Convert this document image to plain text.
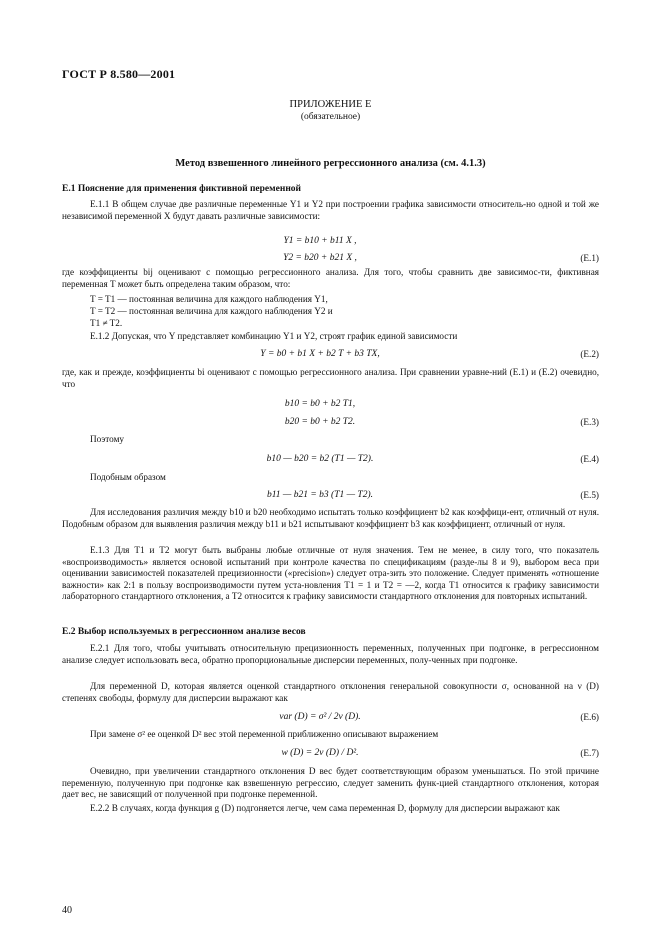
ГОСТ Р 8.580—2001
ПРИЛОЖЕНИЕ Е
(обязательное)
Метод взвешенного линейного регрессионного анализа (см. 4.1.3)
Е.1 Пояснение для применения фиктивной переменной
Е.1.1 В общем случае две различные переменные Y1 и Y2 при построении графика зависимости относитель-но одной и той же независимой переменной X будут давать различные зависимости:
Y1 = b10 + b11 X ,
Y2 = b20 + b21 X ,	(Е.1)
где коэффициенты bij оценивают с помощью регрессионного анализа. Для того, чтобы сравнить две зависимос-ти, фиктивная переменная T может быть определена таким образом, что:
T = T1 — постоянная величина для каждого наблюдения Y1,
T = T2 — постоянная величина для каждого наблюдения Y2 и
T1 ≠ T2.
Е.1.2 Допуская, что Y представляет комбинацию Y1 и Y2, строят график единой зависимости
Y = b0 + b1 X + b2 T + b3 TX,	(Е.2)
где, как и прежде, коэффициенты bi оценивают с помощью регрессионного анализа. При сравнении уравне-ний (Е.1) и (Е.2) очевидно, что
b10 = b0 + b2 T1,
b20 = b0 + b2 T2.	(Е.3)
Поэтому
b10 — b20 = b2 (T1 — T2).	(Е.4)
Подобным образом
b11 — b21 = b3 (T1 — T2).	(Е.5)
Для исследования различия между b10 и b20 необходимо испытать только коэффициент b2 как коэффици-ент, отличный от нуля. Подобным образом для выявления различия между b11 и b21 испытывают коэффициент b3 как коэффициент, отличный от нуля.
Е.1.3 Для T1 и T2 могут быть выбраны любые отличные от нуля значения. Тем не менее, в силу того, что показатель «воспроизводимость» является основой испытаний при контроле качества по спецификациям (разде-лы 8 и 9), выбором веса при оценивании зависимостей показателей прецизионности («precision») следует отра-зить это положение. Следует применять «отношение важности» как 2:1 в пользу воспроизводимости путем уста-новления T1 = 1 и T2 = —2, когда T1 относится к графику зависимости лабораторного стандартного отклонения, а T2 относится к графику зависимости стандартного отклонения для повторных испытаний.
Е.2 Выбор используемых в регрессионном анализе весов
Е.2.1 Для того, чтобы учитывать относительную прецизионность переменных, полученных при подгонке, в регрессионном анализе следует использовать веса, обратно пропорциональные дисперсии переменных, полу-ченных при подгонке.
Для переменной D, которая является оценкой стандартного отклонения генеральной совокупности σ, основанной на ν (D) степенях свободы, формулу для дисперсии выражают как
var (D) = σ² / 2ν (D).	(Е.6)
При замене σ² ее оценкой D² вес этой переменной приближенно описывают выражением
w (D) = 2ν (D) / D².	(Е.7)
Очевидно, при увеличении стандартного отклонения D вес будет соответствующим образом уменьшаться. По этой причине переменную, полученную при подгонке как взвешенную регрессию, следует заменить функ-цией стандартного отклонения, которая дает вес, не зависящий от полученной при подгонке переменной.
Е.2.2 В случаях, когда функция g (D) подгоняется легче, чем сама переменная D, формулу для дисперсии выражают как
40
